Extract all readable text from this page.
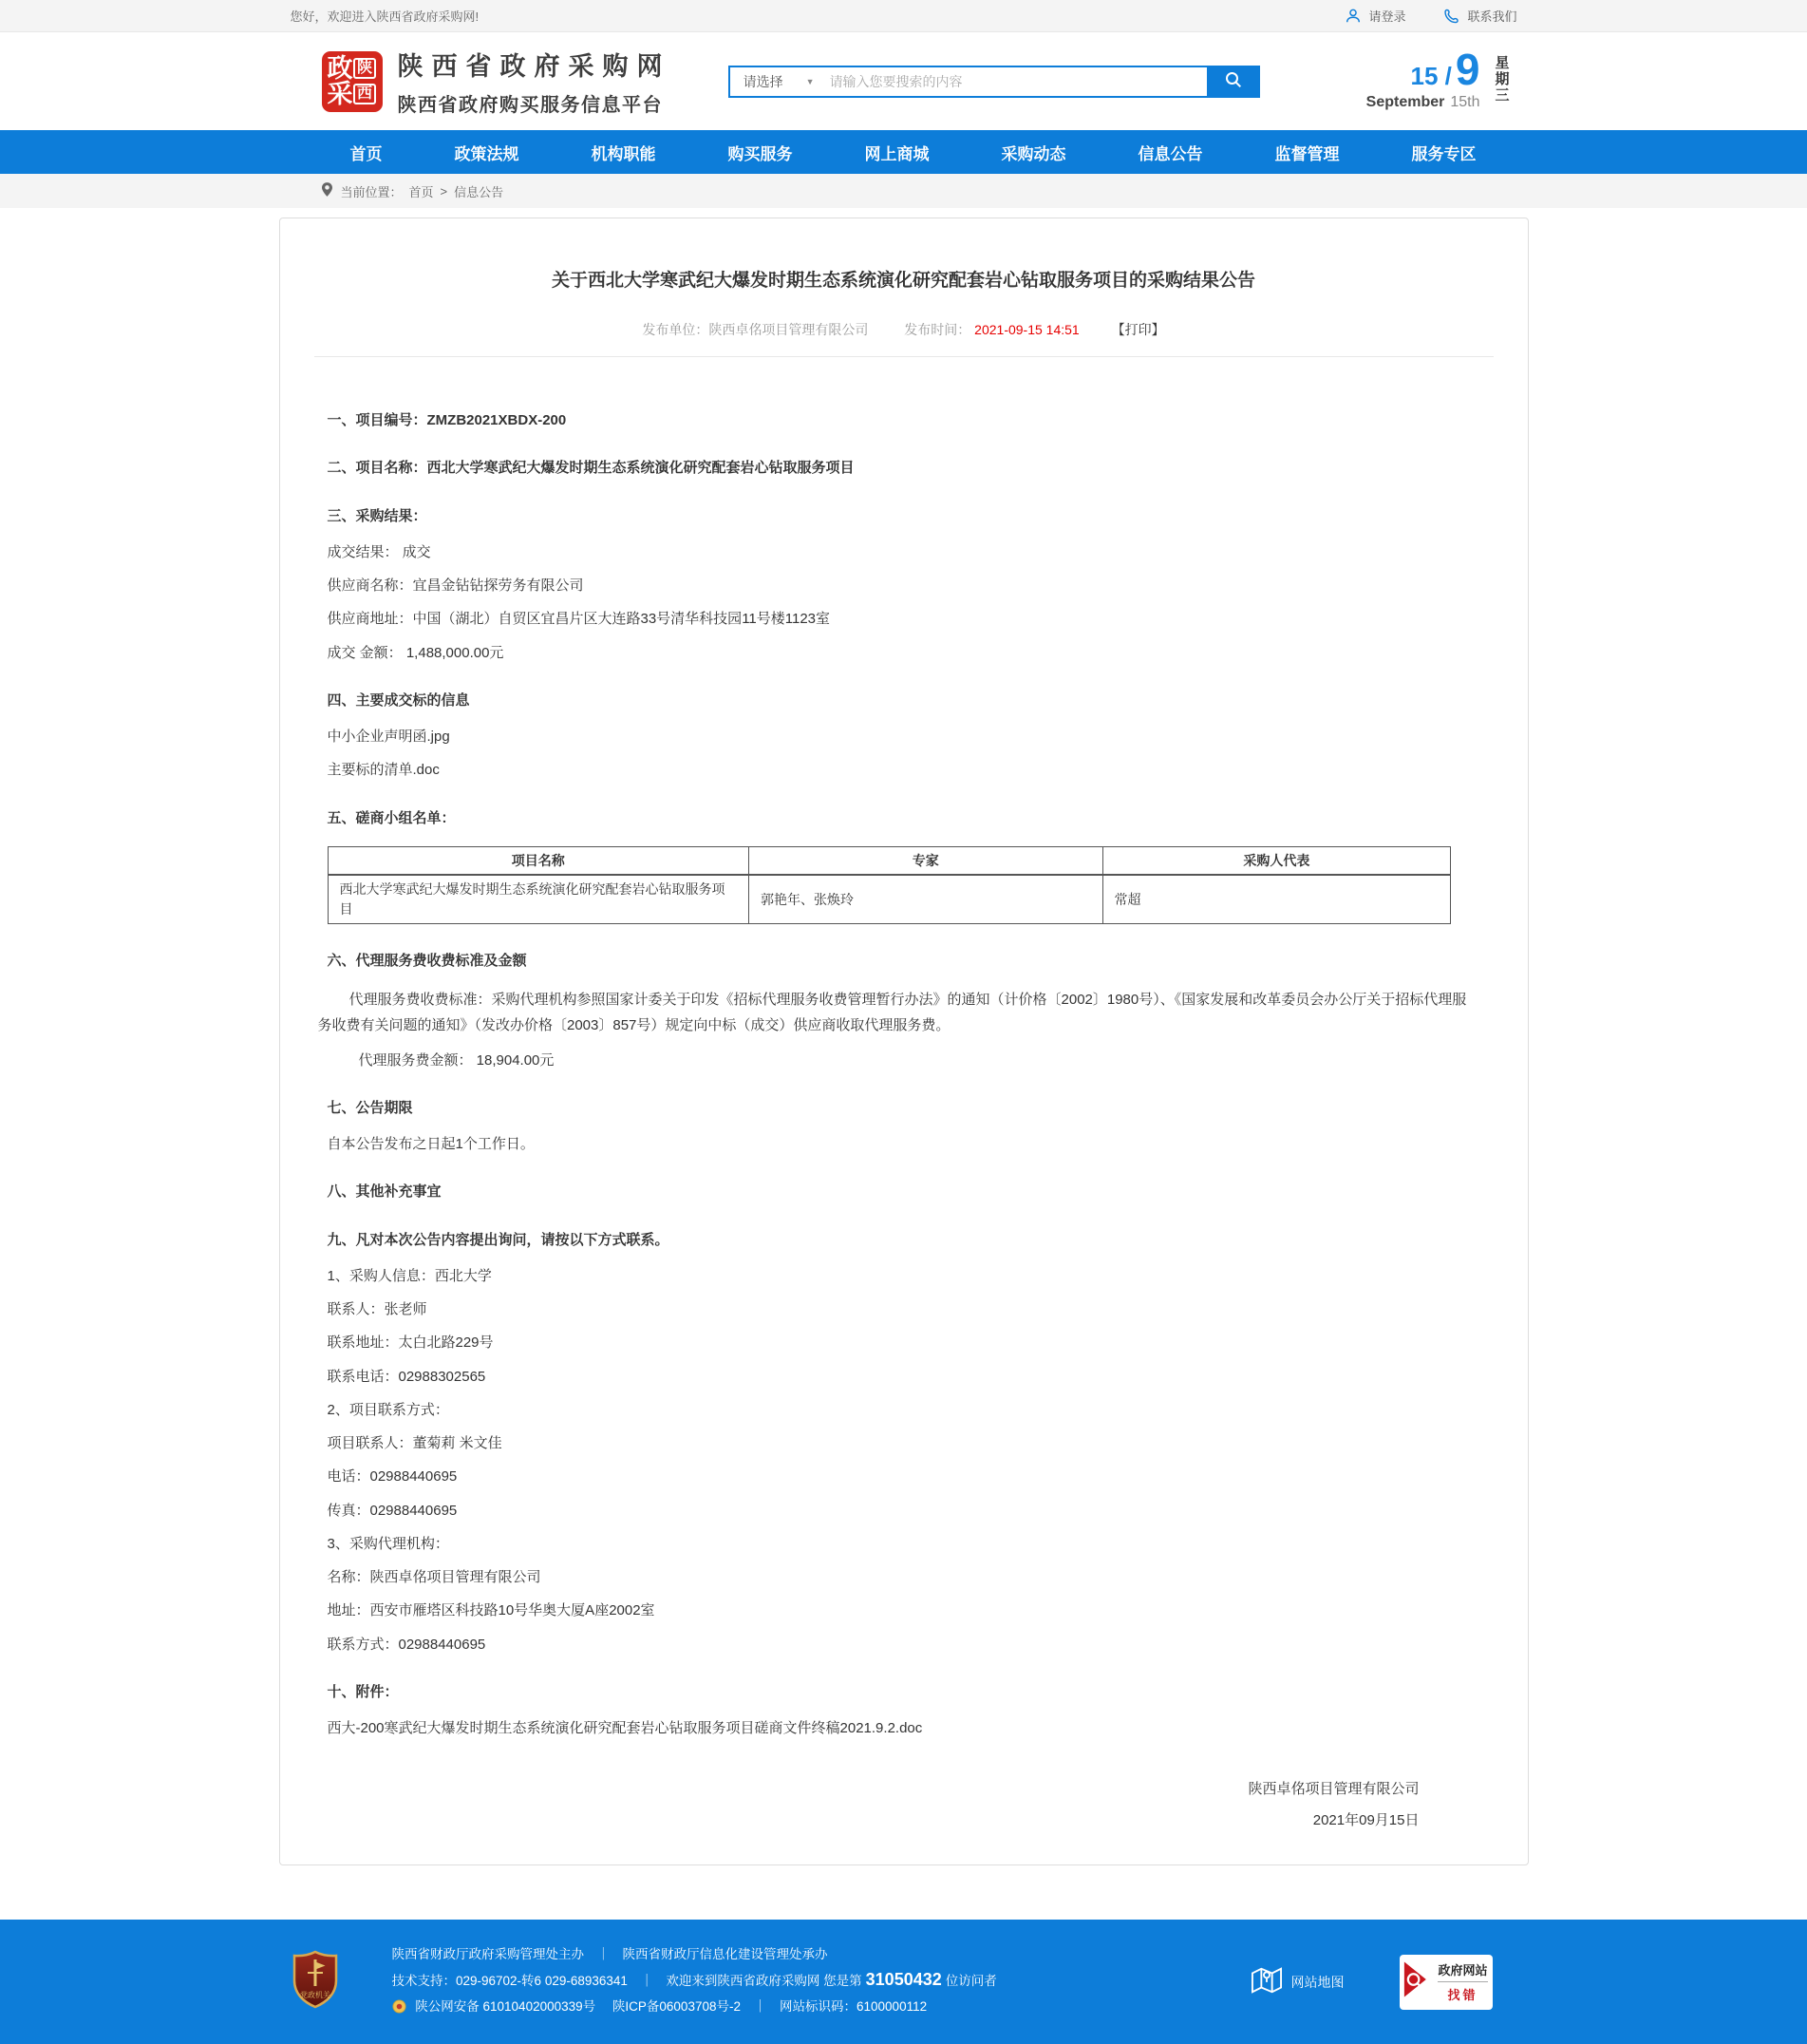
您好，欢迎进入陕西省政府采购网!	请登录	联系我们
政 陕
采 西
陕西省政府采购网
陕西省政府购买服务信息平台
请选择	▼
请输入您要搜索的内容	15 / 9
September 15th
星
期
三
首页	政策法规	机构职能	购买服务	网上商城	采购动态	信息公告	监督管理	服务专区
当前位置： 首页 > 信息公告
关于西北大学寒武纪大爆发时期生态系统演化研究配套岩心钻取服务项目的采购结果公告
发布单位：陕西卓佲项目管理有限公司	发布时间： 2021-09-15 14:51 【打印】

一、项目编号：ZMZB2021XBDX-200

二、项目名称：西北大学寒武纪大爆发时期生态系统演化研究配套岩心钻取服务项目

三、采购结果：

成交结果： 成交

供应商名称：宜昌金钻钻探劳务有限公司

供应商地址：中国（湖北）自贸区宜昌片区大连路33号清华科技园11号楼1123室

成交 金额： 1,488,000.00元

四、主要成交标的信息

中小企业声明函.jpg

主要标的清单.doc

五、磋商小组名单：

项目名称	专家	采购人代表
西北大学寒武纪大爆发时期生态系统演化研究配套岩心钻取服务项目	郭艳年、张焕玲	常超

六、代理服务费收费标准及金额

代理服务费收费标准：采购代理机构参照国家计委关于印发《招标代理服务收费管理暂行办法》的通知（计价格〔2002〕1980号）、《国家发展和改革委员会办公厅关于招标代理服务收费有关问题的通知》（发改办价格〔2003〕857号）规定向中标（成交）供应商收取代理服务费。

代理服务费金额： 18,904.00元

七、公告期限

自本公告发布之日起1个工作日。

八、其他补充事宜

九、凡对本次公告内容提出询问，请按以下方式联系。

1、采购人信息：西北大学

联系人：张老师

联系地址：太白北路229号

联系电话：02988302565

2、项目联系方式：

项目联系人：董菊莉 米文佳

电话：02988440695

传真：02988440695

3、采购代理机构：

名称：陕西卓佲项目管理有限公司

地址：西安市雁塔区科技路10号华奥大厦A座2002室

联系方式：02988440695

十、附件：

西大-200寒武纪大爆发时期生态系统演化研究配套岩心钻取服务项目磋商文件终稿2021.9.2.doc

陕西卓佲项目管理有限公司
2021年09月15日
党政机关
陕西省财政厅政府采购管理处主办　｜　陕西省财政厅信息化建设管理处承办
技术支持：029-96702-转6 029-68936341　｜　欢迎来到陕西省政府采购网 您是第 31050432 位访问者
陕公网安备 61010402000339号 陕ICP备06003708号-2 ｜ 网站标识码：6100000112
网站地图
政府网站
找错
